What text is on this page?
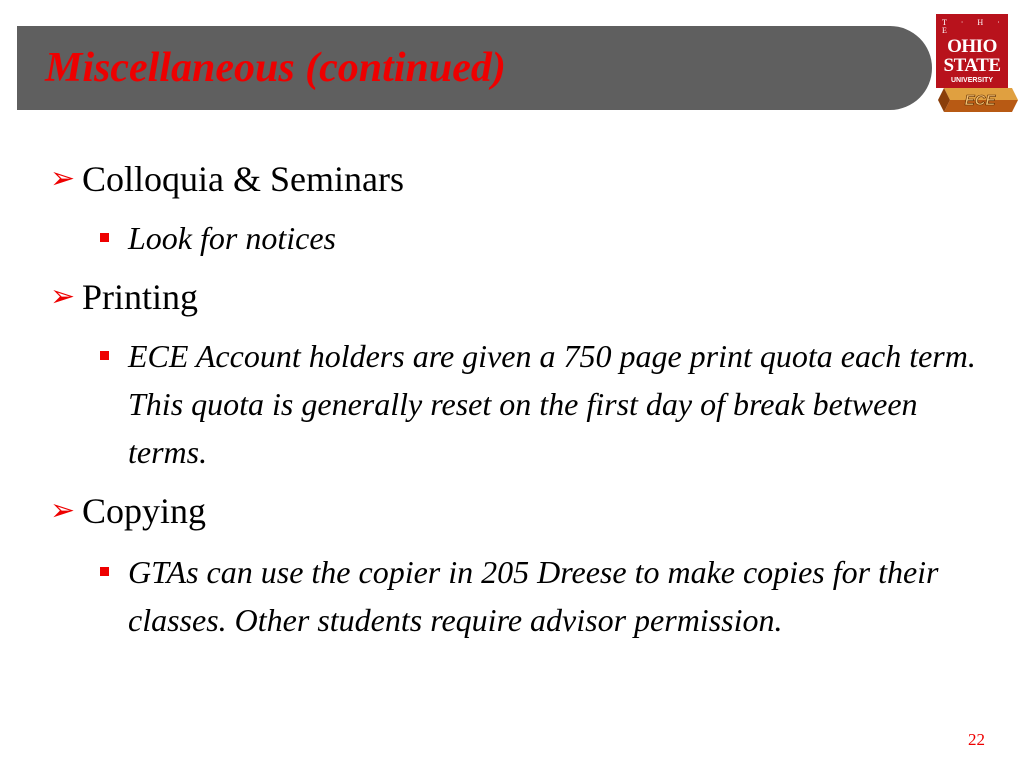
Miscellaneous (continued)
T · H · E
OHIO
STATE
UNIVERSITY
ECE
➢ Colloquia & Seminars
Look for notices
➢ Printing
ECE Account holders are given a 750 page print quota each term. This quota is generally reset on the first day of break between terms.
➢ Copying
GTAs can use the copier in 205 Dreese to make copies for their classes. Other students require advisor permission.
22
